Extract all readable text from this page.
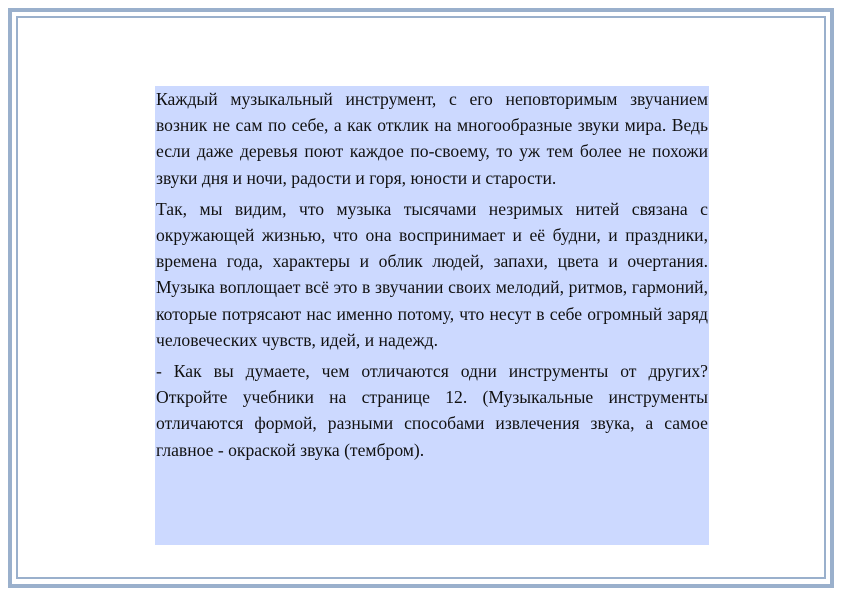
Каждый музыкальный инструмент, с его неповторимым звучанием возник не сам по себе, а как отклик на многообразные звуки мира. Ведь если даже деревья поют каждое по-своему, то уж тем более не похожи звуки дня и ночи, радости и горя, юности и старости.

Так, мы видим, что музыка тысячами незримых нитей связана с окружающей жизнью, что она воспринимает и её будни, и праздники, времена года, характеры и облик людей, запахи, цвета и очертания. Музыка воплощает всё это в звучании своих мелодий, ритмов, гармоний, которые потрясают нас именно потому, что несут в себе огромный заряд человеческих чувств, идей, и надежд.

- Как вы думаете, чем отличаются одни инструменты от других? Откройте учебники на странице 12. (Музыкальные инструменты отличаются формой, разными способами извлечения звука, а самое главное - окраской звука (тембром).
